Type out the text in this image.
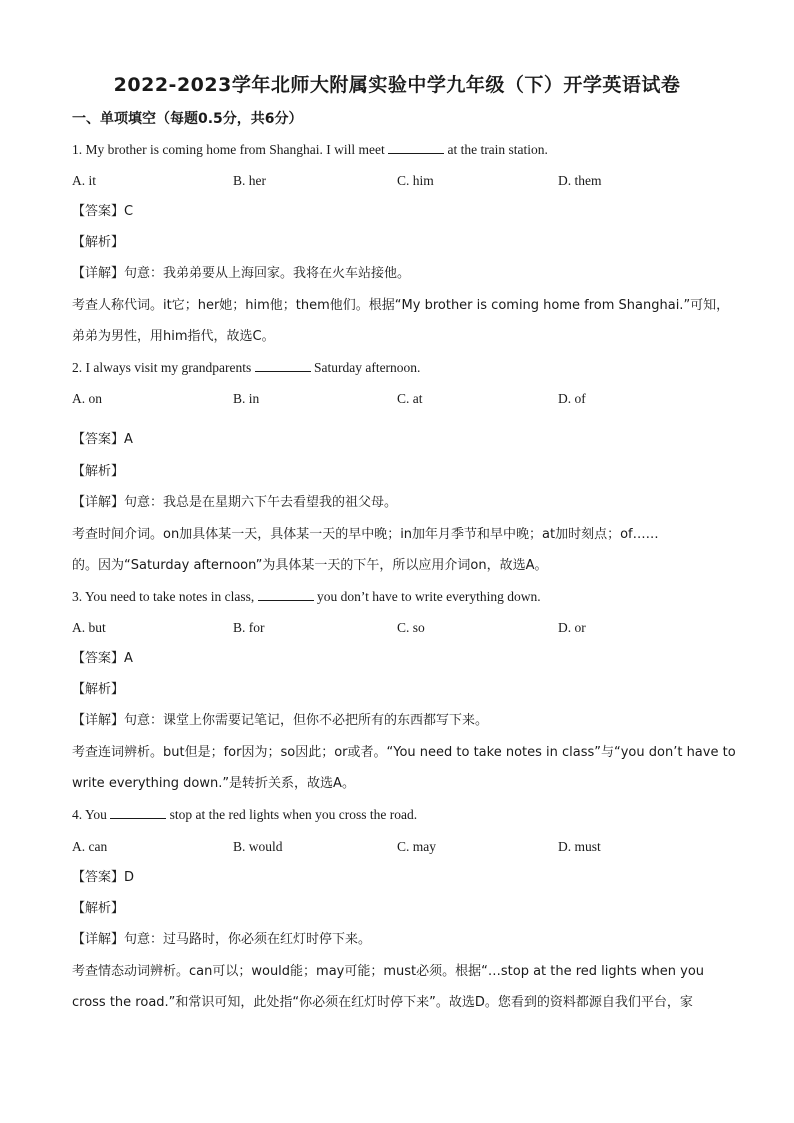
2022-2023学年北师大附属实验中学九年级（下）开学英语试卷
一、单项填空（每题0.5分，共6分）
1. My brother is coming home from Shanghai. I will meet	at the train station.
A. it	B. her	C. him	D. them
【答案】C
【解析】
【详解】句意：我弟弟要从上海回家。我将在火车站接他。
考查人称代词。it它；her她；him他；them他们。根据“My brother is coming home from Shanghai.”可知，
弟弟为男性，用him指代，故选C。
2. I always visit my grandparents	Saturday afternoon.
A. on	B. in	C. at	D. of
【答案】A
【解析】
【详解】句意：我总是在星期六下午去看望我的祖父母。
考查时间介词。on加具体某一天，具体某一天的早中晚；in加年月季节和早中晚；at加时刻点；of……
的。因为“Saturday afternoon”为具体某一天的下午，所以应用介词on，故选A。
3. You need to take notes in class,	you don’t have to write everything down.
A. but	B. for	C. so	D. or
【答案】A
【解析】
【详解】句意：课堂上你需要记笔记，但你不必把所有的东西都写下来。
考查连词辨析。but但是；for因为；so因此；or或者。“You need to take notes in class”与“you don’t have to
write everything down.”是转折关系，故选A。
4. You	stop at the red lights when you cross the road.
A. can	B. would	C. may	D. must
【答案】D
【解析】
【详解】句意：过马路时，你必须在红灯时停下来。
考查情态动词辨析。can可以；would能；may可能；must必须。根据“…stop at the red lights when you
cross the road.”和常识可知，此处指“你必须在红灯时停下来”。故选D。您看到的资料都源自我们平台，家
